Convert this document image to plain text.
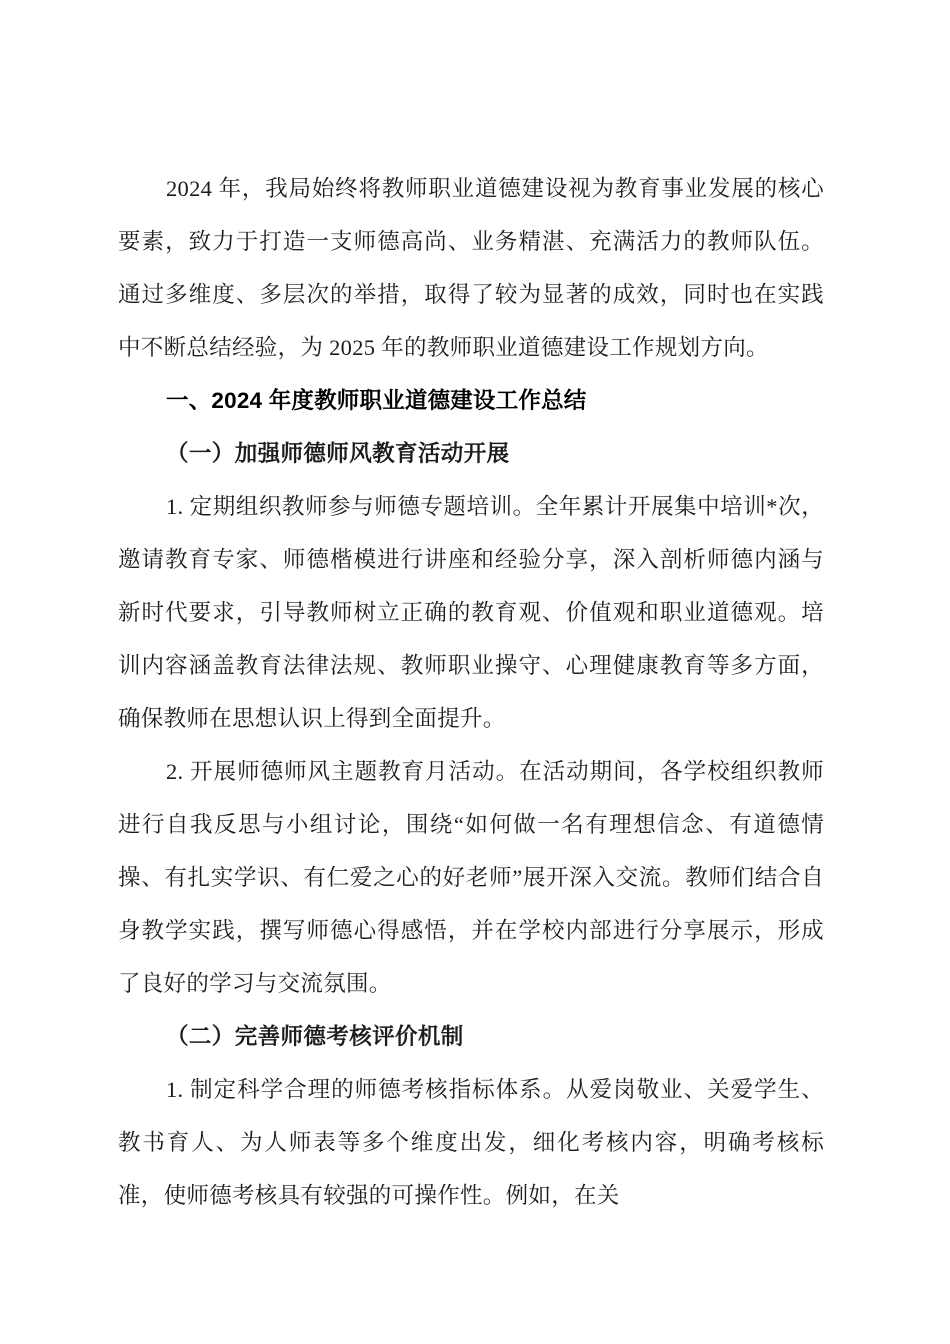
2024 年，我局始终将教师职业道德建设视为教育事业发展的核心要素，致力于打造一支师德高尚、业务精湛、充满活力的教师队伍。通过多维度、多层次的举措，取得了较为显著的成效，同时也在实践中不断总结经验，为 2025 年的教师职业道德建设工作规划方向。

一、2024 年度教师职业道德建设工作总结
（一）加强师德师风教育活动开展

1. 定期组织教师参与师德专题培训。全年累计开展集中培训*次，邀请教育专家、师德楷模进行讲座和经验分享，深入剖析师德内涵与新时代要求，引导教师树立正确的教育观、价值观和职业道德观。培训内容涵盖教育法律法规、教师职业操守、心理健康教育等多方面，确保教师在思想认识上得到全面提升。

2. 开展师德师风主题教育月活动。在活动期间，各学校组织教师进行自我反思与小组讨论，围绕“如何做一名有理想信念、有道德情操、有扎实学识、有仁爱之心的好老师”展开深入交流。教师们结合自身教学实践，撰写师德心得感悟，并在学校内部进行分享展示，形成了良好的学习与交流氛围。

（二）完善师德考核评价机制

1. 制定科学合理的师德考核指标体系。从爱岗敬业、关爱学生、教书育人、为人师表等多个维度出发，细化考核内容，明确考核标准，使师德考核具有较强的可操作性。例如，在关
